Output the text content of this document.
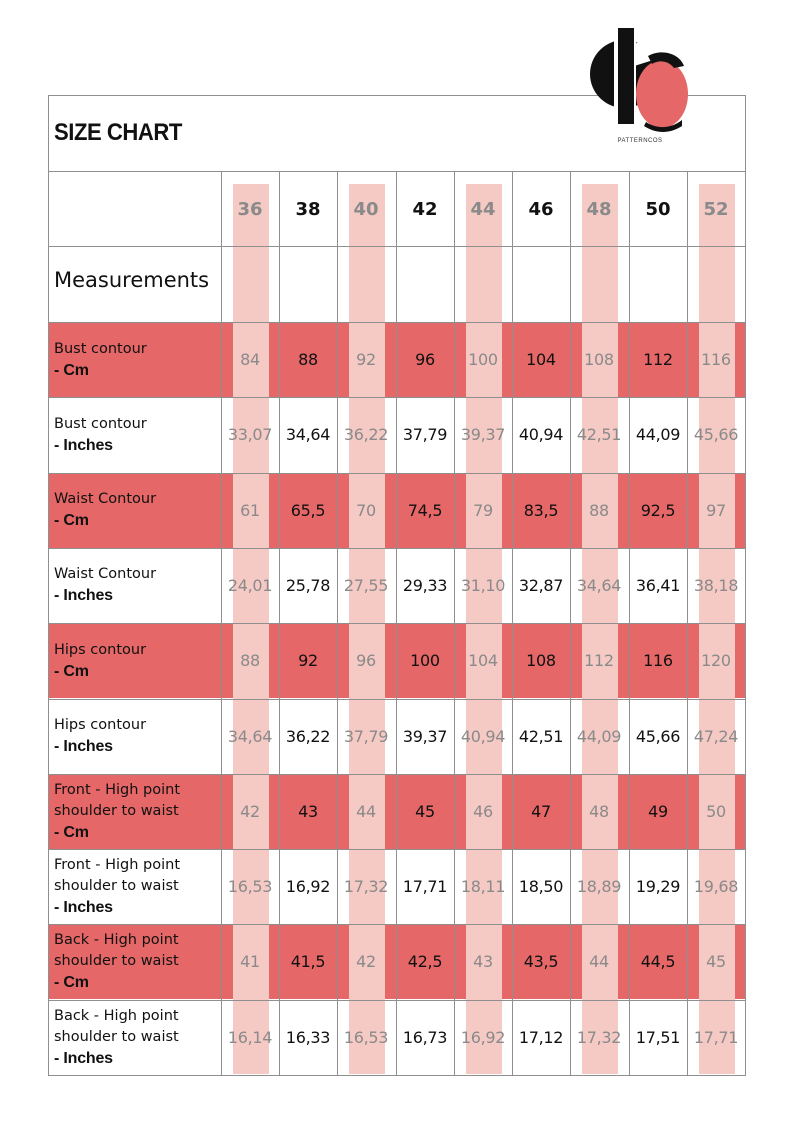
PATTERNCOS
SIZE CHART
Measurements
36	38	40	42	44	46	48	50	52
Bust contour
- Cm
84	88	92	96	100	104	108	112	116
Bust contour
- Inches
33,07 34,64 36,22 37,79 39,37 40,94 42,51 44,09 45,66
Waist Contour
- Cm
61	65,5	70	74,5	79	83,5	88	92,5	97
Waist Contour
- Inches
24,01 25,78 27,55 29,33 31,10 32,87 34,64 36,41 38,18
Hips contour
- Cm
88	92	96	100	104	108	112	116	120
Hips contour
- Inches
34,64 36,22 37,79 39,37 40,94 42,51 44,09 45,66 47,24
Front - High point
shoulder to waist
- Cm
42	43	44	45	46	47	48	49	50
Front - High point
shoulder to waist
- Inches
16,53 16,92 17,32 17,71 18,11 18,50 18,89 19,29 19,68
Back - High point
shoulder to waist
- Cm
41	41,5	42	42,5	43	43,5	44	44,5	45
Back - High point
shoulder to waist
- Inches
16,14 16,33 16,53 16,73 16,92 17,12 17,32 17,51 17,71
